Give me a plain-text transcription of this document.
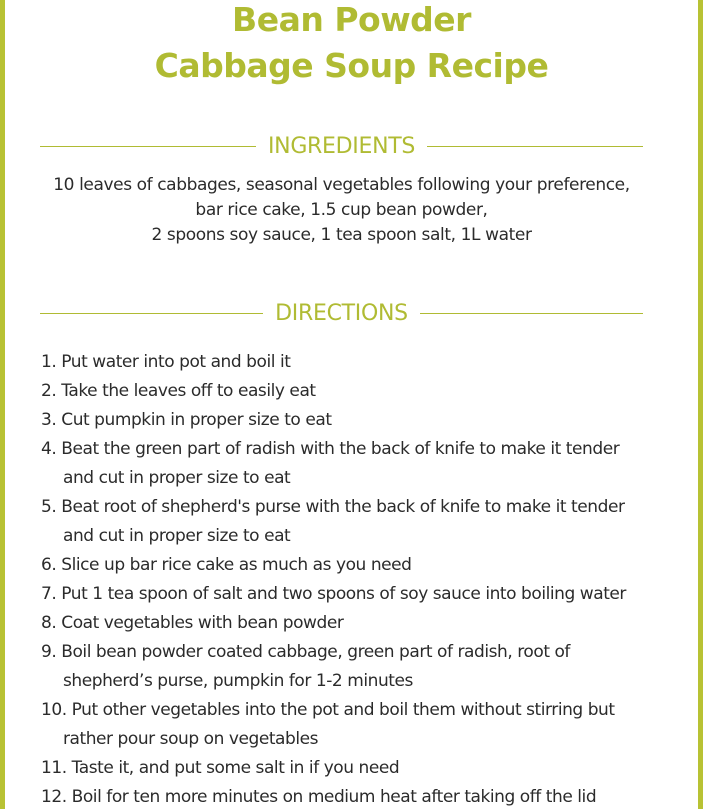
Bean Powder
Cabbage Soup Recipe
INGREDIENTS
10 leaves of cabbages, seasonal vegetables following your preference,
bar rice cake, 1.5 cup bean powder,
2 spoons soy sauce, 1 tea spoon salt, 1L water
DIRECTIONS
1. Put water into pot and boil it
2. Take the leaves off to easily eat
3. Cut pumpkin in proper size to eat
4. Beat the green part of radish with the back of knife to make it tender
and cut in proper size to eat
5. Beat root of shepherd's purse with the back of knife to make it tender
and cut in proper size to eat
6. Slice up bar rice cake as much as you need
7. Put 1 tea spoon of salt and two spoons of soy sauce into boiling water
8. Coat vegetables with bean powder
9. Boil bean powder coated cabbage, green part of radish, root of
shepherd’s purse, pumpkin for 1-2 minutes
10. Put other vegetables into the pot and boil them without stirring but
rather pour soup on vegetables
11. Taste it, and put some salt in if you need
12. Boil for ten more minutes on medium heat after taking off the lid
